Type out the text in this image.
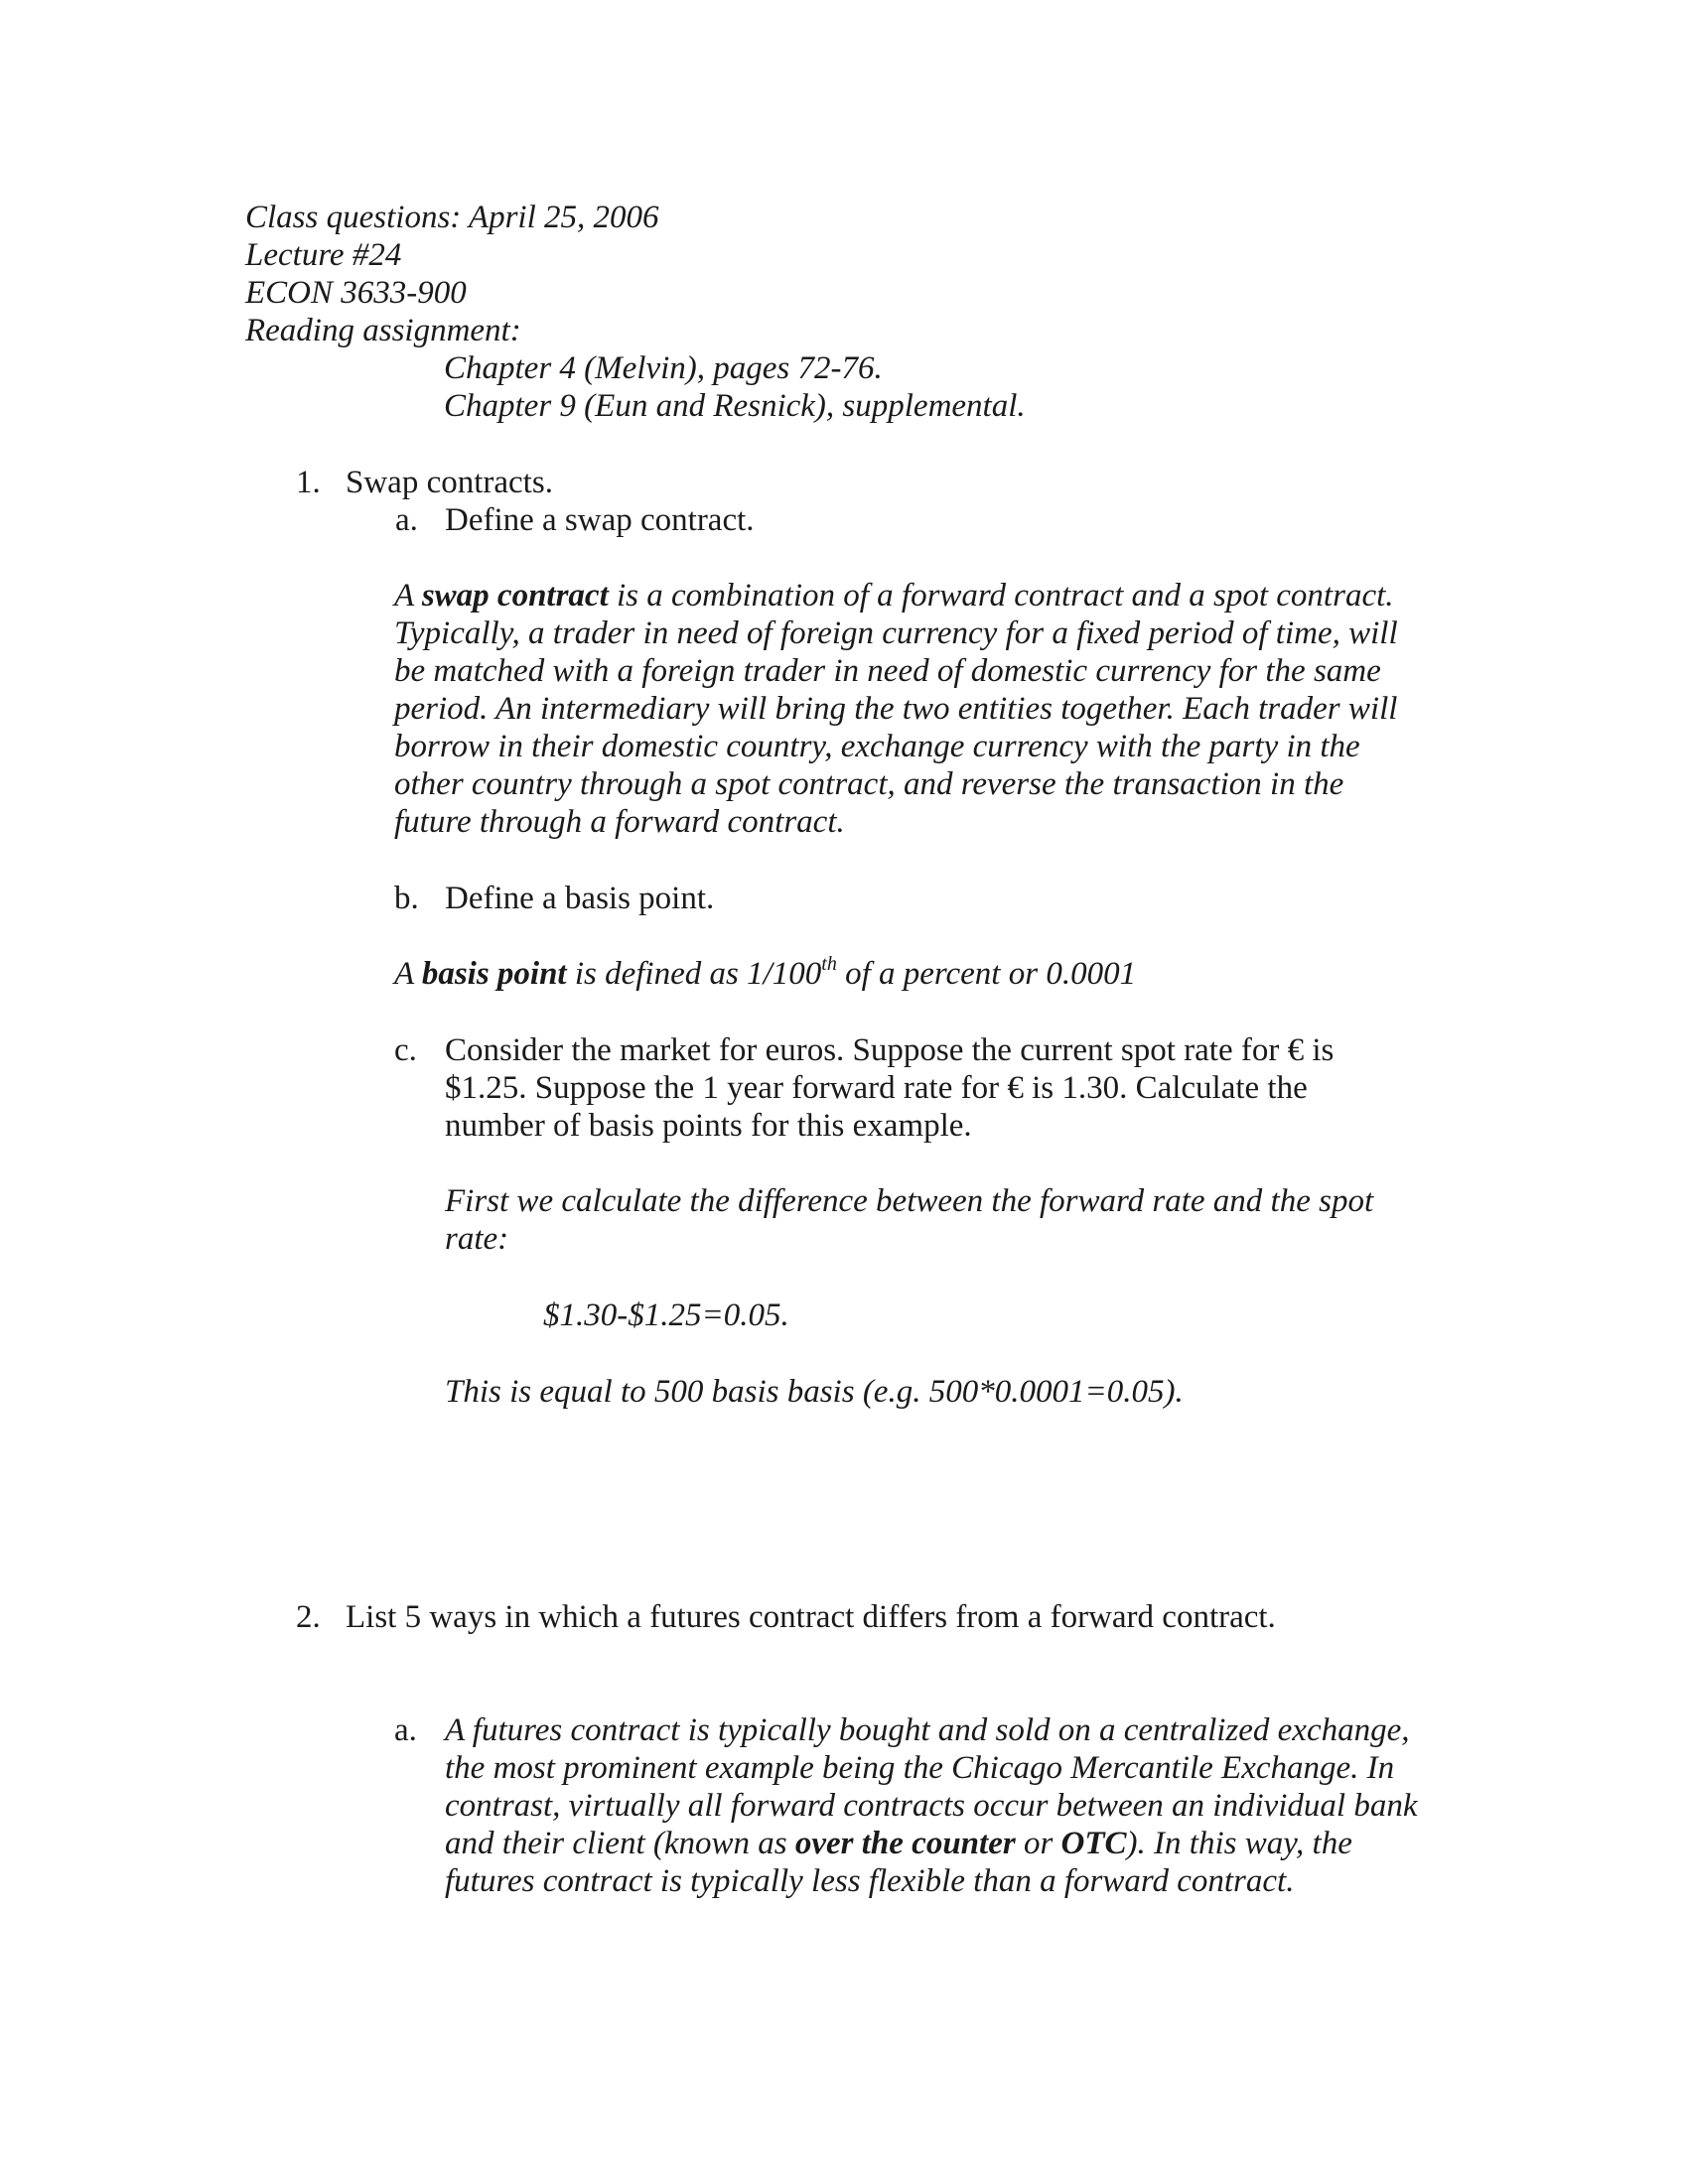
Class questions: April 25, 2006
Lecture #24
ECON 3633-900
Reading assignment:
Chapter 4 (Melvin), pages 72-76.
Chapter 9 (Eun and Resnick), supplemental.
1. Swap contracts.
a. Define a swap contract.
A swap contract is a combination of a forward contract and a spot contract.
Typically, a trader in need of foreign currency for a fixed period of time, will
be matched with a foreign trader in need of domestic currency for the same
period. An intermediary will bring the two entities together. Each trader will
borrow in their domestic country, exchange currency with the party in the
other country through a spot contract, and reverse the transaction in the
future through a forward contract.
b. Define a basis point.
A basis point is defined as 1/100th of a percent or 0.0001
c. Consider the market for euros. Suppose the current spot rate for € is
$1.25. Suppose the 1 year forward rate for € is 1.30. Calculate the
number of basis points for this example.
First we calculate the difference between the forward rate and the spot
rate:
$1.30-$1.25=0.05.
This is equal to 500 basis basis (e.g. 500*0.0001=0.05).
2. List 5 ways in which a futures contract differs from a forward contract.
a. A futures contract is typically bought and sold on a centralized exchange,
the most prominent example being the Chicago Mercantile Exchange. In
contrast, virtually all forward contracts occur between an individual bank
and their client (known as over the counter or OTC). In this way, the
futures contract is typically less flexible than a forward contract.
